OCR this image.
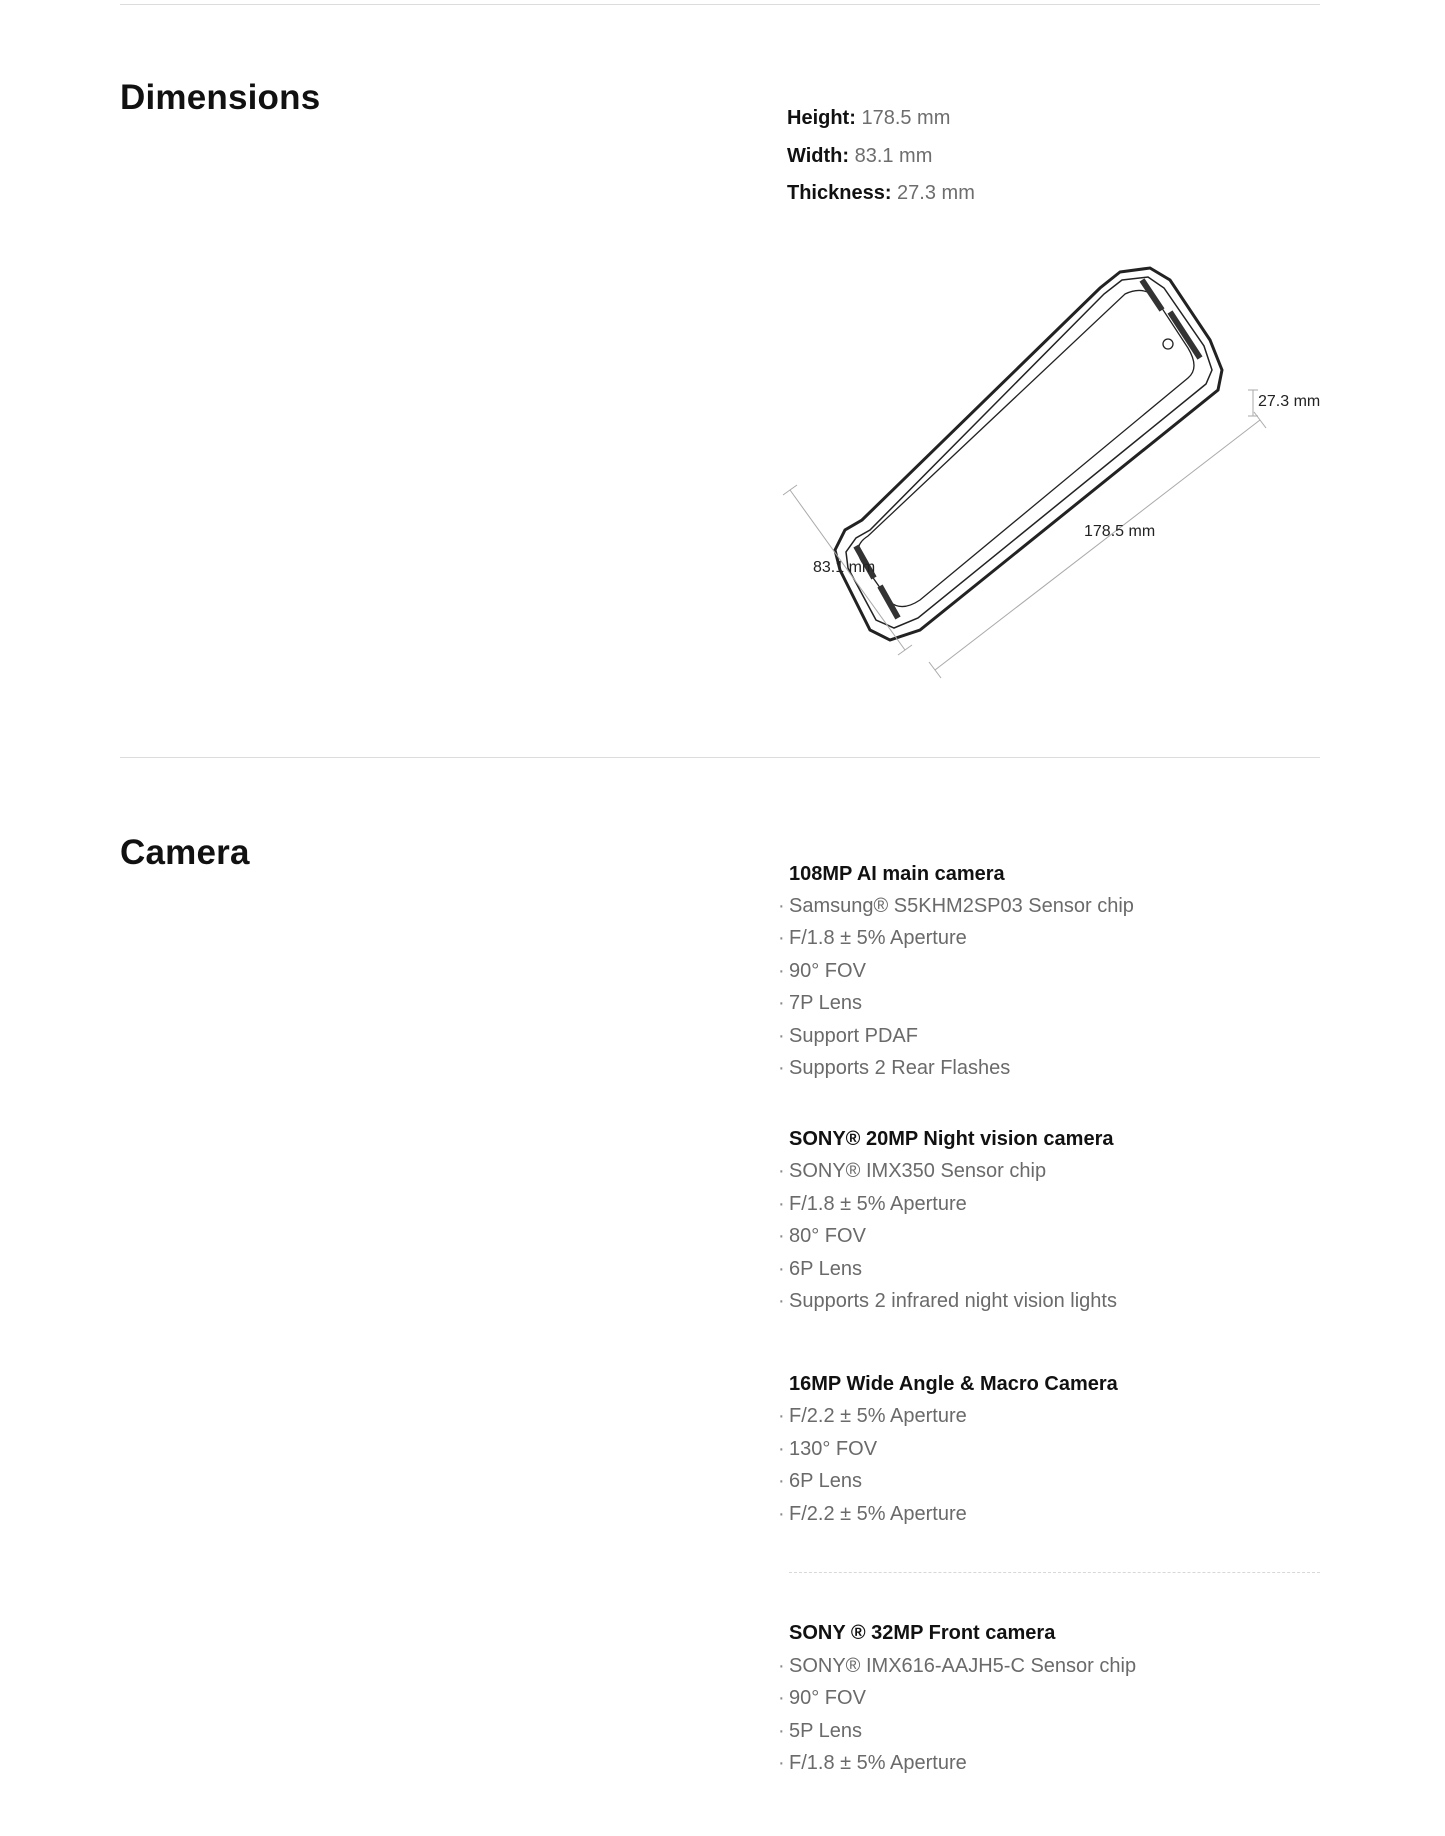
Dimensions
Height: 178.5 mm
Width: 83.1 mm
Thickness: 27.3 mm
27.3 mm
178.5 mm
83.1 mm
Camera
108MP AI main camera
· Samsung® S5KHM2SP03 Sensor chip
· F/1.8 ± 5% Aperture
· 90° FOV
· 7P Lens
· Support PDAF
· Supports 2 Rear Flashes
SONY® 20MP Night vision camera
· SONY® IMX350 Sensor chip
· F/1.8 ± 5% Aperture
· 80° FOV
· 6P Lens
· Supports 2 infrared night vision lights
16MP Wide Angle & Macro Camera
· F/2.2 ± 5% Aperture
· 130° FOV
· 6P Lens
· F/2.2 ± 5% Aperture
SONY ® 32MP Front camera
· SONY® IMX616-AAJH5-C Sensor chip
· 90° FOV
· 5P Lens
· F/1.8 ± 5% Aperture
